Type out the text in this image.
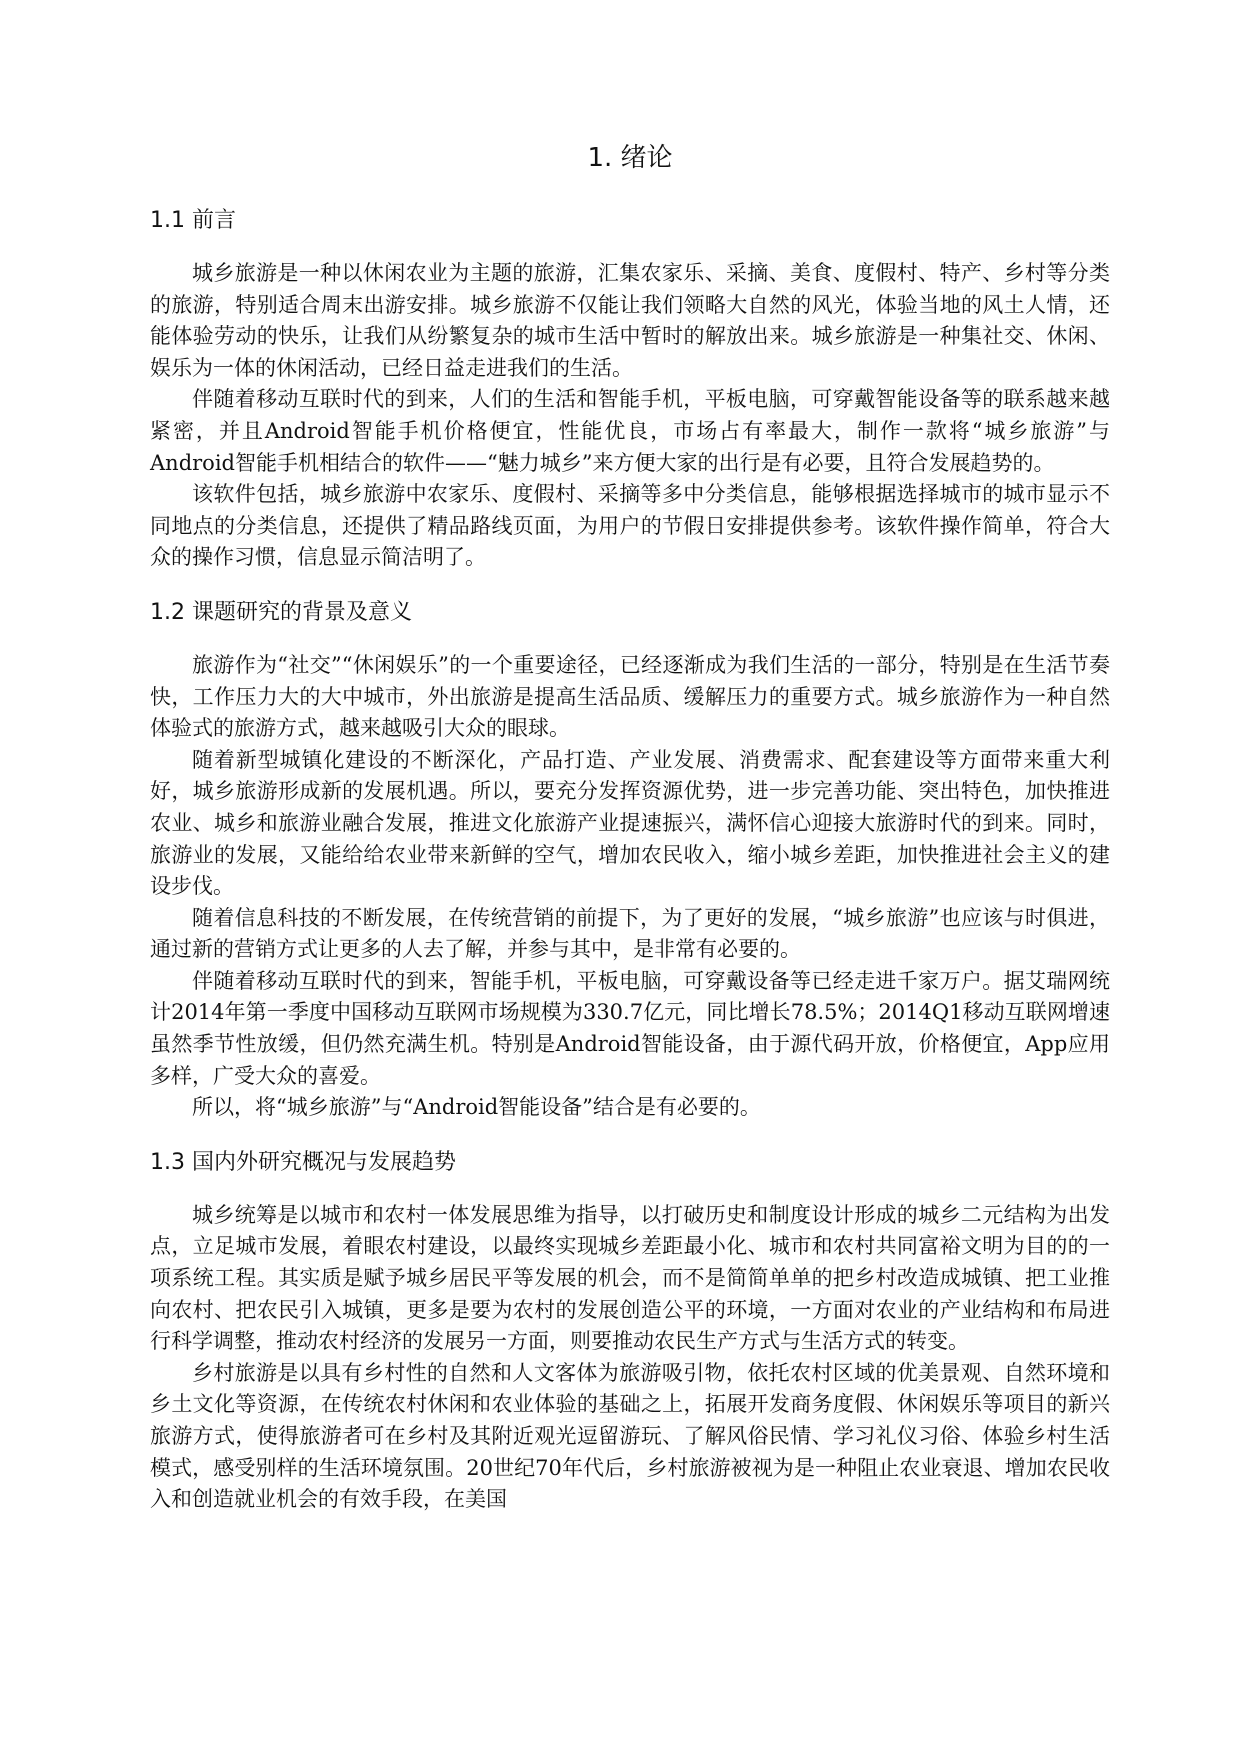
1. 绪论
1.1 前言

城乡旅游是一种以休闲农业为主题的旅游，汇集农家乐、采摘、美食、度假村、特产、乡村等分类的旅游，特别适合周末出游安排。城乡旅游不仅能让我们领略大自然的风光，体验当地的风土人情，还能体验劳动的快乐，让我们从纷繁复杂的城市生活中暂时的解放出来。城乡旅游是一种集社交、休闲、娱乐为一体的休闲活动，已经日益走进我们的生活。

伴随着移动互联时代的到来，人们的生活和智能手机，平板电脑，可穿戴智能设备等的联系越来越紧密，并且Android智能手机价格便宜，性能优良，市场占有率最大，制作一款将“城乡旅游”与Android智能手机相结合的软件——“魅力城乡”来方便大家的出行是有必要，且符合发展趋势的。

该软件包括，城乡旅游中农家乐、度假村、采摘等多中分类信息，能够根据选择城市的城市显示不同地点的分类信息，还提供了精品路线页面，为用户的节假日安排提供参考。该软件操作简单，符合大众的操作习惯，信息显示简洁明了。

1.2 课题研究的背景及意义

旅游作为“社交”“休闲娱乐”的一个重要途径，已经逐渐成为我们生活的一部分，特别是在生活节奏快，工作压力大的大中城市，外出旅游是提高生活品质、缓解压力的重要方式。城乡旅游作为一种自然体验式的旅游方式，越来越吸引大众的眼球。

随着新型城镇化建设的不断深化，产品打造、产业发展、消费需求、配套建设等方面带来重大利好，城乡旅游形成新的发展机遇。所以，要充分发挥资源优势，进一步完善功能、突出特色，加快推进农业、城乡和旅游业融合发展，推进文化旅游产业提速振兴，满怀信心迎接大旅游时代的到来。同时，旅游业的发展，又能给给农业带来新鲜的空气，增加农民收入，缩小城乡差距，加快推进社会主义的建设步伐。

随着信息科技的不断发展，在传统营销的前提下，为了更好的发展，“城乡旅游”也应该与时俱进，通过新的营销方式让更多的人去了解，并参与其中，是非常有必要的。

伴随着移动互联时代的到来，智能手机，平板电脑，可穿戴设备等已经走进千家万户。据艾瑞网统计2014年第一季度中国移动互联网市场规模为330.7亿元，同比增长78.5%；2014Q1移动互联网增速虽然季节性放缓，但仍然充满生机。特别是Android智能设备，由于源代码开放，价格便宜，App应用多样，广受大众的喜爱。

所以，将“城乡旅游”与“Android智能设备”结合是有必要的。

1.3 国内外研究概况与发展趋势

城乡统筹是以城市和农村一体发展思维为指导，以打破历史和制度设计形成的城乡二元结构为出发点，立足城市发展，着眼农村建设，以最终实现城乡差距最小化、城市和农村共同富裕文明为目的的一项系统工程。其实质是赋予城乡居民平等发展的机会，而不是简简单单的把乡村改造成城镇、把工业推向农村、把农民引入城镇，更多是要为农村的发展创造公平的环境，一方面对农业的产业结构和布局进行科学调整，推动农村经济的发展另一方面，则要推动农民生产方式与生活方式的转变。

乡村旅游是以具有乡村性的自然和人文客体为旅游吸引物，依托农村区域的优美景观、自然环境和乡土文化等资源，在传统农村休闲和农业体验的基础之上，拓展开发商务度假、休闲娱乐等项目的新兴旅游方式，使得旅游者可在乡村及其附近观光逗留游玩、了解风俗民情、学习礼仪习俗、体验乡村生活模式，感受别样的生活环境氛围。20世纪70年代后，乡村旅游被视为是一种阻止农业衰退、增加农民收入和创造就业机会的有效手段，在美国
